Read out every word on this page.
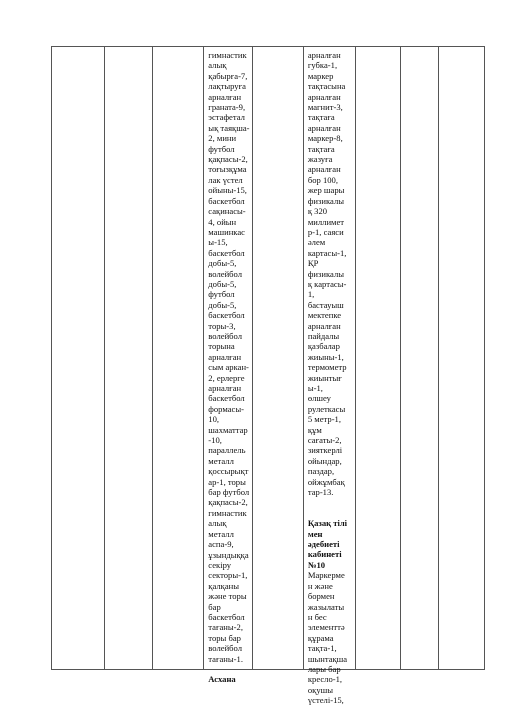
гимнастик
алық
қабырға-7,
лақтыруға
арналған
граната-9,
эстафетал
ық таяқша-
2, мини
футбол
қақпасы-2,
тоғызқұма
лак үстел
ойыны-15,
баскетбол
сақинасы-
4, ойын
машинкас
ы-15,
баскетбол
добы-5,
волейбол
добы-5,
футбол
добы-5,
баскетбол
торы-3,
волейбол
торына
арналған
сым аркан-
2, ерлерге
арналған
баскетбол
формасы-
10,
шахматтар
-10,
параллель
металл
қоссырықт
ар-1, торы
бар футбол
қақпасы-2,
гимнастик
алық
металл
аспа-9,
ұзындыққа
секіру
секторы-1,
қалқаны
және торы
бар
баскетбол
тағаны-2,
торы бар
волейбол
тағаны-1.
Асхана
арналған
губка-1,
маркер
тақтасына
арналған
магнит-3,
тақтаға
арналған
маркер-8,
тақтаға
жазуға
арналған
бор 100,
жер шары
физикалы
қ 320
миллимет
р-1, саяси
әлем
картасы-1,
ҚР
физикалы
қ картасы-
1,
бастауыш
мектепке
арналған
пайдалы
қазбалар
жиыны-1,
термометр
жиынтығ
ы-1,
өлшеу
рулеткасы
5 метр-1,
құм
сағаты-2,
зияткерлі
ойындар,
паздар,
ойжұмбақ
тар-13.
Қазақ тілі
мен
әдебиеті
кабинеті
№10
Маркерме
н және
бормен
жазылаты
н бес
элементтә
құрама
тақта-1,
шынтақша
лары бар
кресло-1,
оқушы
үстелі-15,
